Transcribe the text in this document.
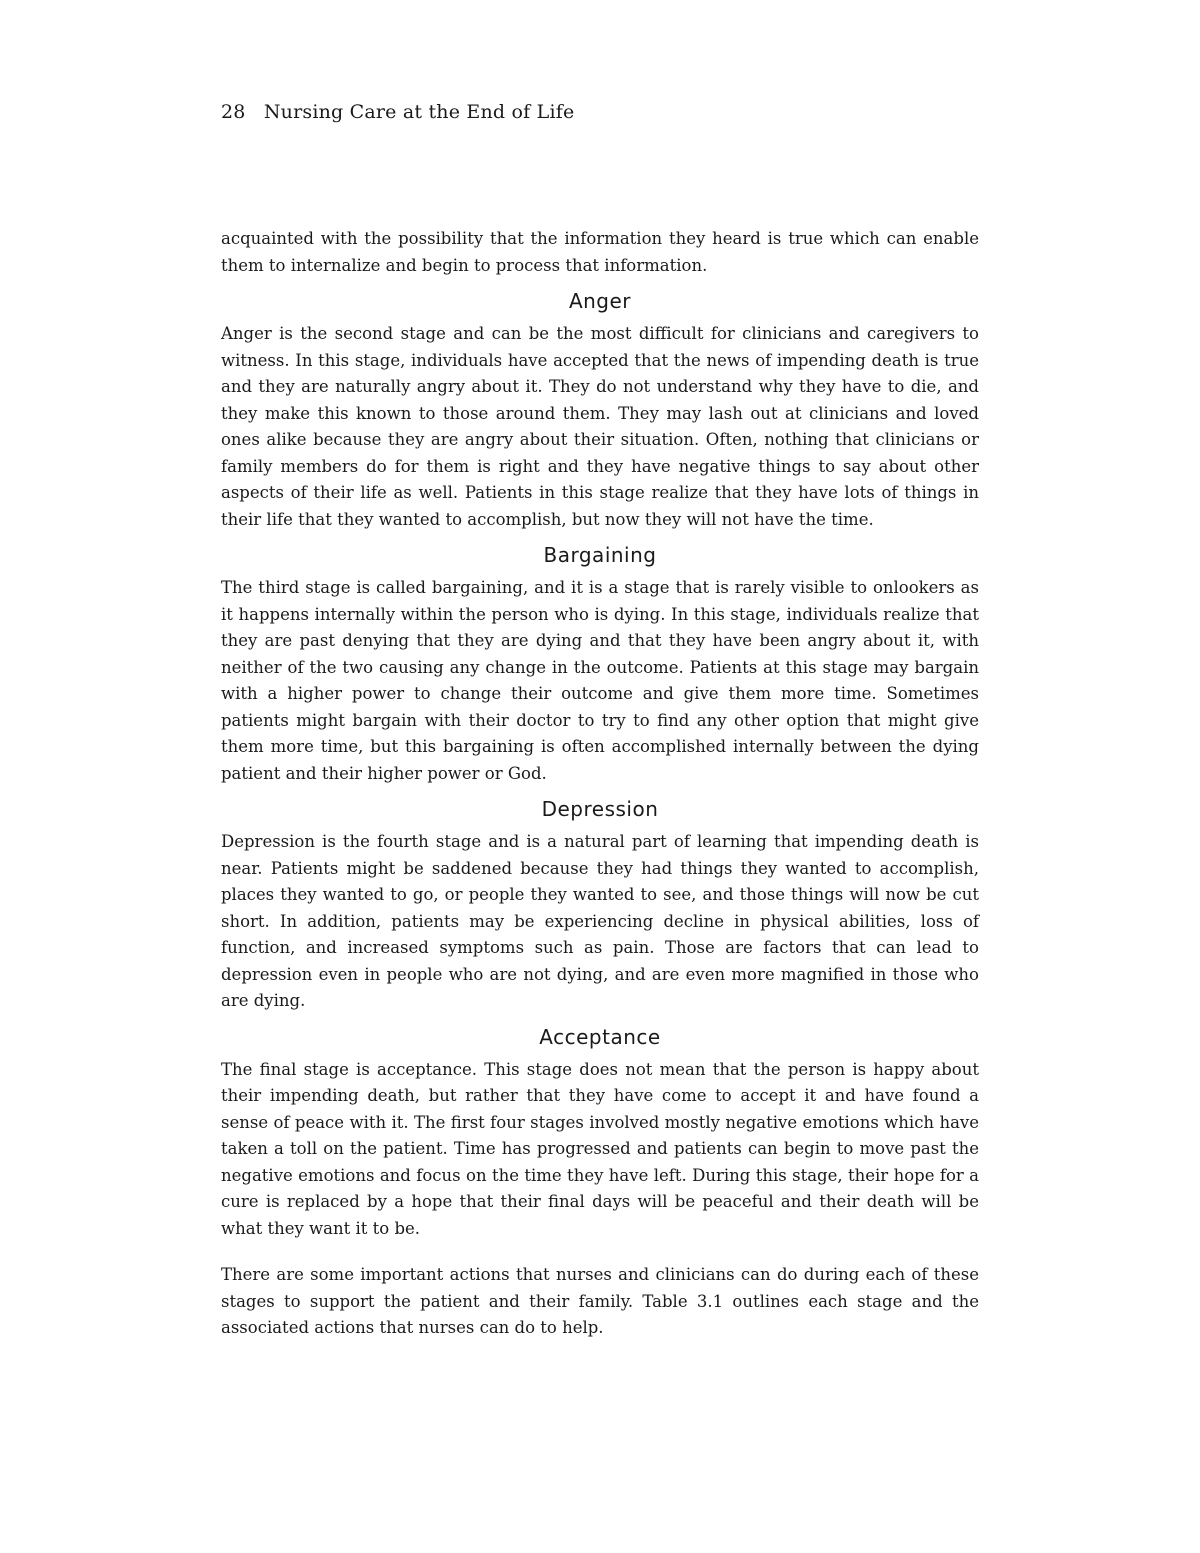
28 Nursing Care at the End of Life

acquainted with the possibility that the information they heard is true which can enable them to internalize and begin to process that information.

Anger

Anger is the second stage and can be the most difficult for clinicians and caregivers to witness. In this stage, individuals have accepted that the news of impending death is true and they are naturally angry about it. They do not understand why they have to die, and they make this known to those around them. They may lash out at clinicians and loved ones alike because they are angry about their situation. Often, nothing that clinicians or family members do for them is right and they have negative things to say about other aspects of their life as well. Patients in this stage realize that they have lots of things in their life that they wanted to accomplish, but now they will not have the time.

Bargaining

The third stage is called bargaining, and it is a stage that is rarely visible to onlookers as it happens internally within the person who is dying. In this stage, individuals realize that they are past denying that they are dying and that they have been angry about it, with neither of the two causing any change in the outcome. Patients at this stage may bargain with a higher power to change their outcome and give them more time. Sometimes patients might bargain with their doctor to try to find any other option that might give them more time, but this bargaining is often accomplished internally between the dying patient and their higher power or God.

Depression

Depression is the fourth stage and is a natural part of learning that impending death is near. Patients might be saddened because they had things they wanted to accomplish, places they wanted to go, or people they wanted to see, and those things will now be cut short. In addition, patients may be experiencing decline in physical abilities, loss of function, and increased symptoms such as pain. Those are factors that can lead to depression even in people who are not dying, and are even more magnified in those who are dying.

Acceptance

The final stage is acceptance. This stage does not mean that the person is happy about their impending death, but rather that they have come to accept it and have found a sense of peace with it. The first four stages involved mostly negative emotions which have taken a toll on the patient. Time has progressed and patients can begin to move past the negative emotions and focus on the time they have left. During this stage, their hope for a cure is replaced by a hope that their final days will be peaceful and their death will be what they want it to be.

There are some important actions that nurses and clinicians can do during each of these stages to support the patient and their family. Table 3.1 outlines each stage and the associated actions that nurses can do to help.
